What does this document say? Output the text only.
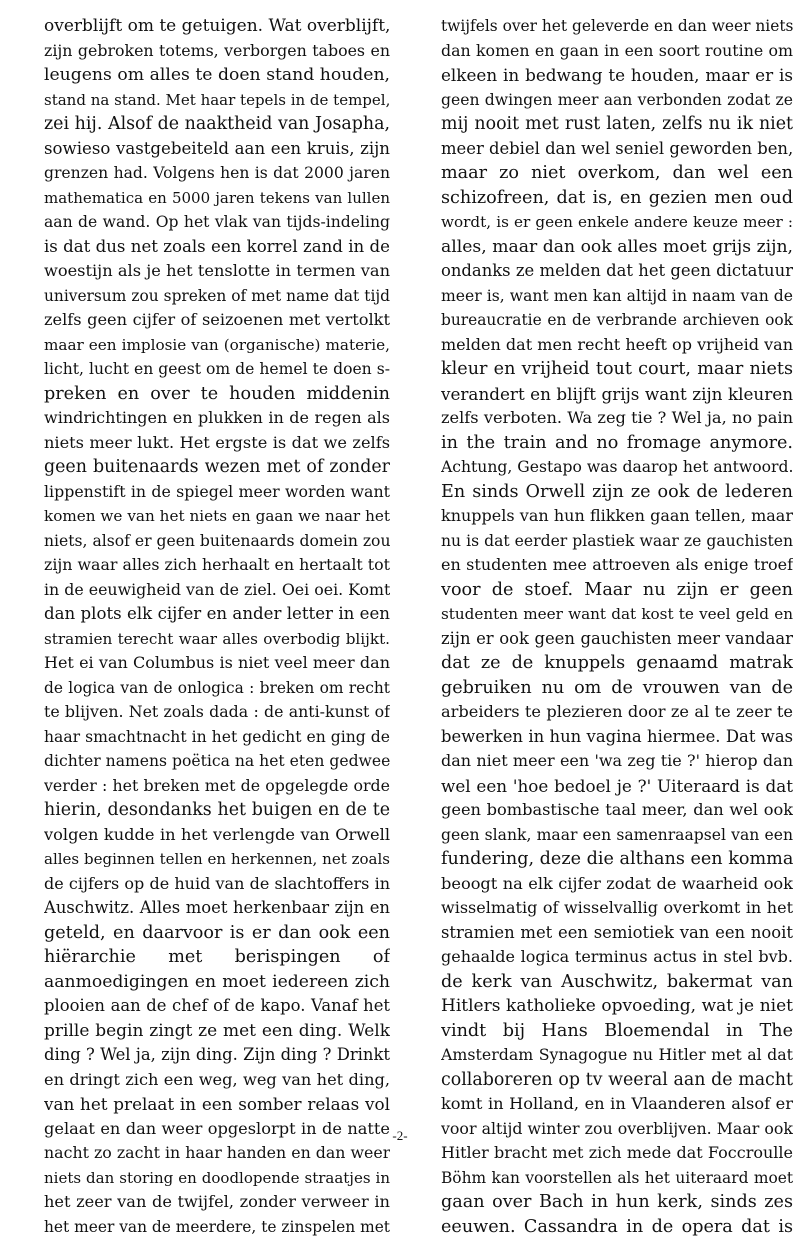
overblijft om te getuigen. Wat overblijft,
zijn gebroken totems, verborgen taboes en
leugens om alles te doen stand houden,
stand na stand. Met haar tepels in de tempel,
zei hij. Alsof de naaktheid van Josapha,
sowieso vastgebeiteld aan een kruis, zijn
grenzen had. Volgens hen is dat 2000 jaren
mathematica en 5000 jaren tekens van lullen
aan de wand. Op het vlak van tijds-indeling
is dat dus net zoals een korrel zand in de
woestijn als je het tenslotte in termen van
universum zou spreken of met name dat tijd
zelfs geen cijfer of seizoenen met vertolkt
maar een implosie van (organische) materie,
licht, lucht en geest om de hemel te doen s-
preken en over te houden middenin
windrichtingen en plukken in de regen als
niets meer lukt. Het ergste is dat we zelfs
geen buitenaards wezen met of zonder
lippenstift in de spiegel meer worden want
komen we van het niets en gaan we naar het
niets, alsof er geen buitenaards domein zou
zijn waar alles zich herhaalt en hertaalt tot
in de eeuwigheid van de ziel. Oei oei. Komt
dan plots elk cijfer en ander letter in een
stramien terecht waar alles overbodig blijkt.
Het ei van Columbus is niet veel meer dan
de logica van de onlogica : breken om recht
te blijven. Net zoals dada : de anti-kunst of
haar smachtnacht in het gedicht en ging de
dichter namens poëtica na het eten gedwee
verder : het breken met de opgelegde orde
hierin, desondanks het buigen en de te
volgen kudde in het verlengde van Orwell
alles beginnen tellen en herkennen, net zoals
de cijfers op de huid van de slachtoffers in
Auschwitz. Alles moet herkenbaar zijn en
geteld, en daarvoor is er dan ook een
hiërarchie met berispingen of
aanmoedigingen en moet iedereen zich
plooien aan de chef of de kapo. Vanaf het
prille begin zingt ze met een ding. Welk
ding ? Wel ja, zijn ding. Zijn ding ? Drinkt
en dringt zich een weg, weg van het ding,
van het prelaat in een somber relaas vol
gelaat en dan weer opgeslorpt in de natte
nacht zo zacht in haar handen en dan weer
niets dan storing en doodlopende straatjes in
het zeer van de twijfel, zonder verweer in
het meer van de meerdere, te zinspelen met
twijfels over het geleverde en dan weer niets
dan komen en gaan in een soort routine om
elkeen in bedwang te houden, maar er is
geen dwingen meer aan verbonden zodat ze
mij nooit met rust laten, zelfs nu ik niet
meer debiel dan wel seniel geworden ben,
maar zo niet overkom, dan wel een
schizofreen, dat is, en gezien men oud
wordt, is er geen enkele andere keuze meer :
alles, maar dan ook alles moet grijs zijn,
ondanks ze melden dat het geen dictatuur
meer is, want men kan altijd in naam van de
bureaucratie en de verbrande archieven ook
melden dat men recht heeft op vrijheid van
kleur en vrijheid tout court, maar niets
verandert en blijft grijs want zijn kleuren
zelfs verboten. Wa zeg tie ? Wel ja, no pain
in the train and no fromage anymore.
Achtung, Gestapo was daarop het antwoord.
En sinds Orwell zijn ze ook de lederen
knuppels van hun flikken gaan tellen, maar
nu is dat eerder plastiek waar ze gauchisten
en studenten mee attroeven als enige troef
voor de stoef. Maar nu zijn er geen
studenten meer want dat kost te veel geld en
zijn er ook geen gauchisten meer vandaar
dat ze de knuppels genaamd matrak
gebruiken nu om de vrouwen van de
arbeiders te plezieren door ze al te zeer te
bewerken in hun vagina hiermee. Dat was
dan niet meer een 'wa zeg tie ?' hierop dan
wel een 'hoe bedoel je ?' Uiteraard is dat
geen bombastische taal meer, dan wel ook
geen slank, maar een samenraapsel van een
fundering, deze die althans een komma
beoogt na elk cijfer zodat de waarheid ook
wisselmatig of wisselvallig overkomt in het
stramien met een semiotiek van een nooit
gehaalde logica terminus actus in stel bvb.
de kerk van Auschwitz, bakermat van
Hitlers katholieke opvoeding, wat je niet
vindt bij Hans Bloemendal in The
Amsterdam Synagogue nu Hitler met al dat
collaboreren op tv weeral aan de macht
komt in Holland, en in Vlaanderen alsof er
voor altijd winter zou overblijven. Maar ook
Hitler bracht met zich mede dat Foccroulle
Böhm kan voorstellen als het uiteraard moet
gaan over Bach in hun kerk, sinds zes
eeuwen. Cassandra in de opera dat is
-2-
